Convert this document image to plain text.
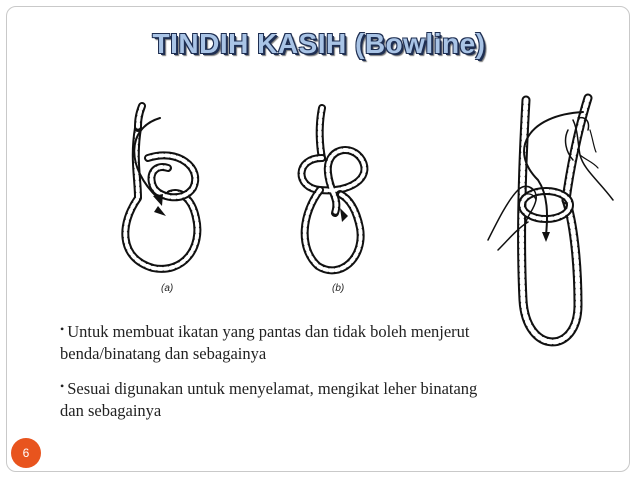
TINDIH KASIH (Bowline)
(a)	(b)
• Untuk membuat ikatan yang pantas dan tidak boleh menjerut benda/binatang dan sebagainya
• Sesuai digunakan untuk menyelamat, mengikat leher binatang dan sebagainya
6
